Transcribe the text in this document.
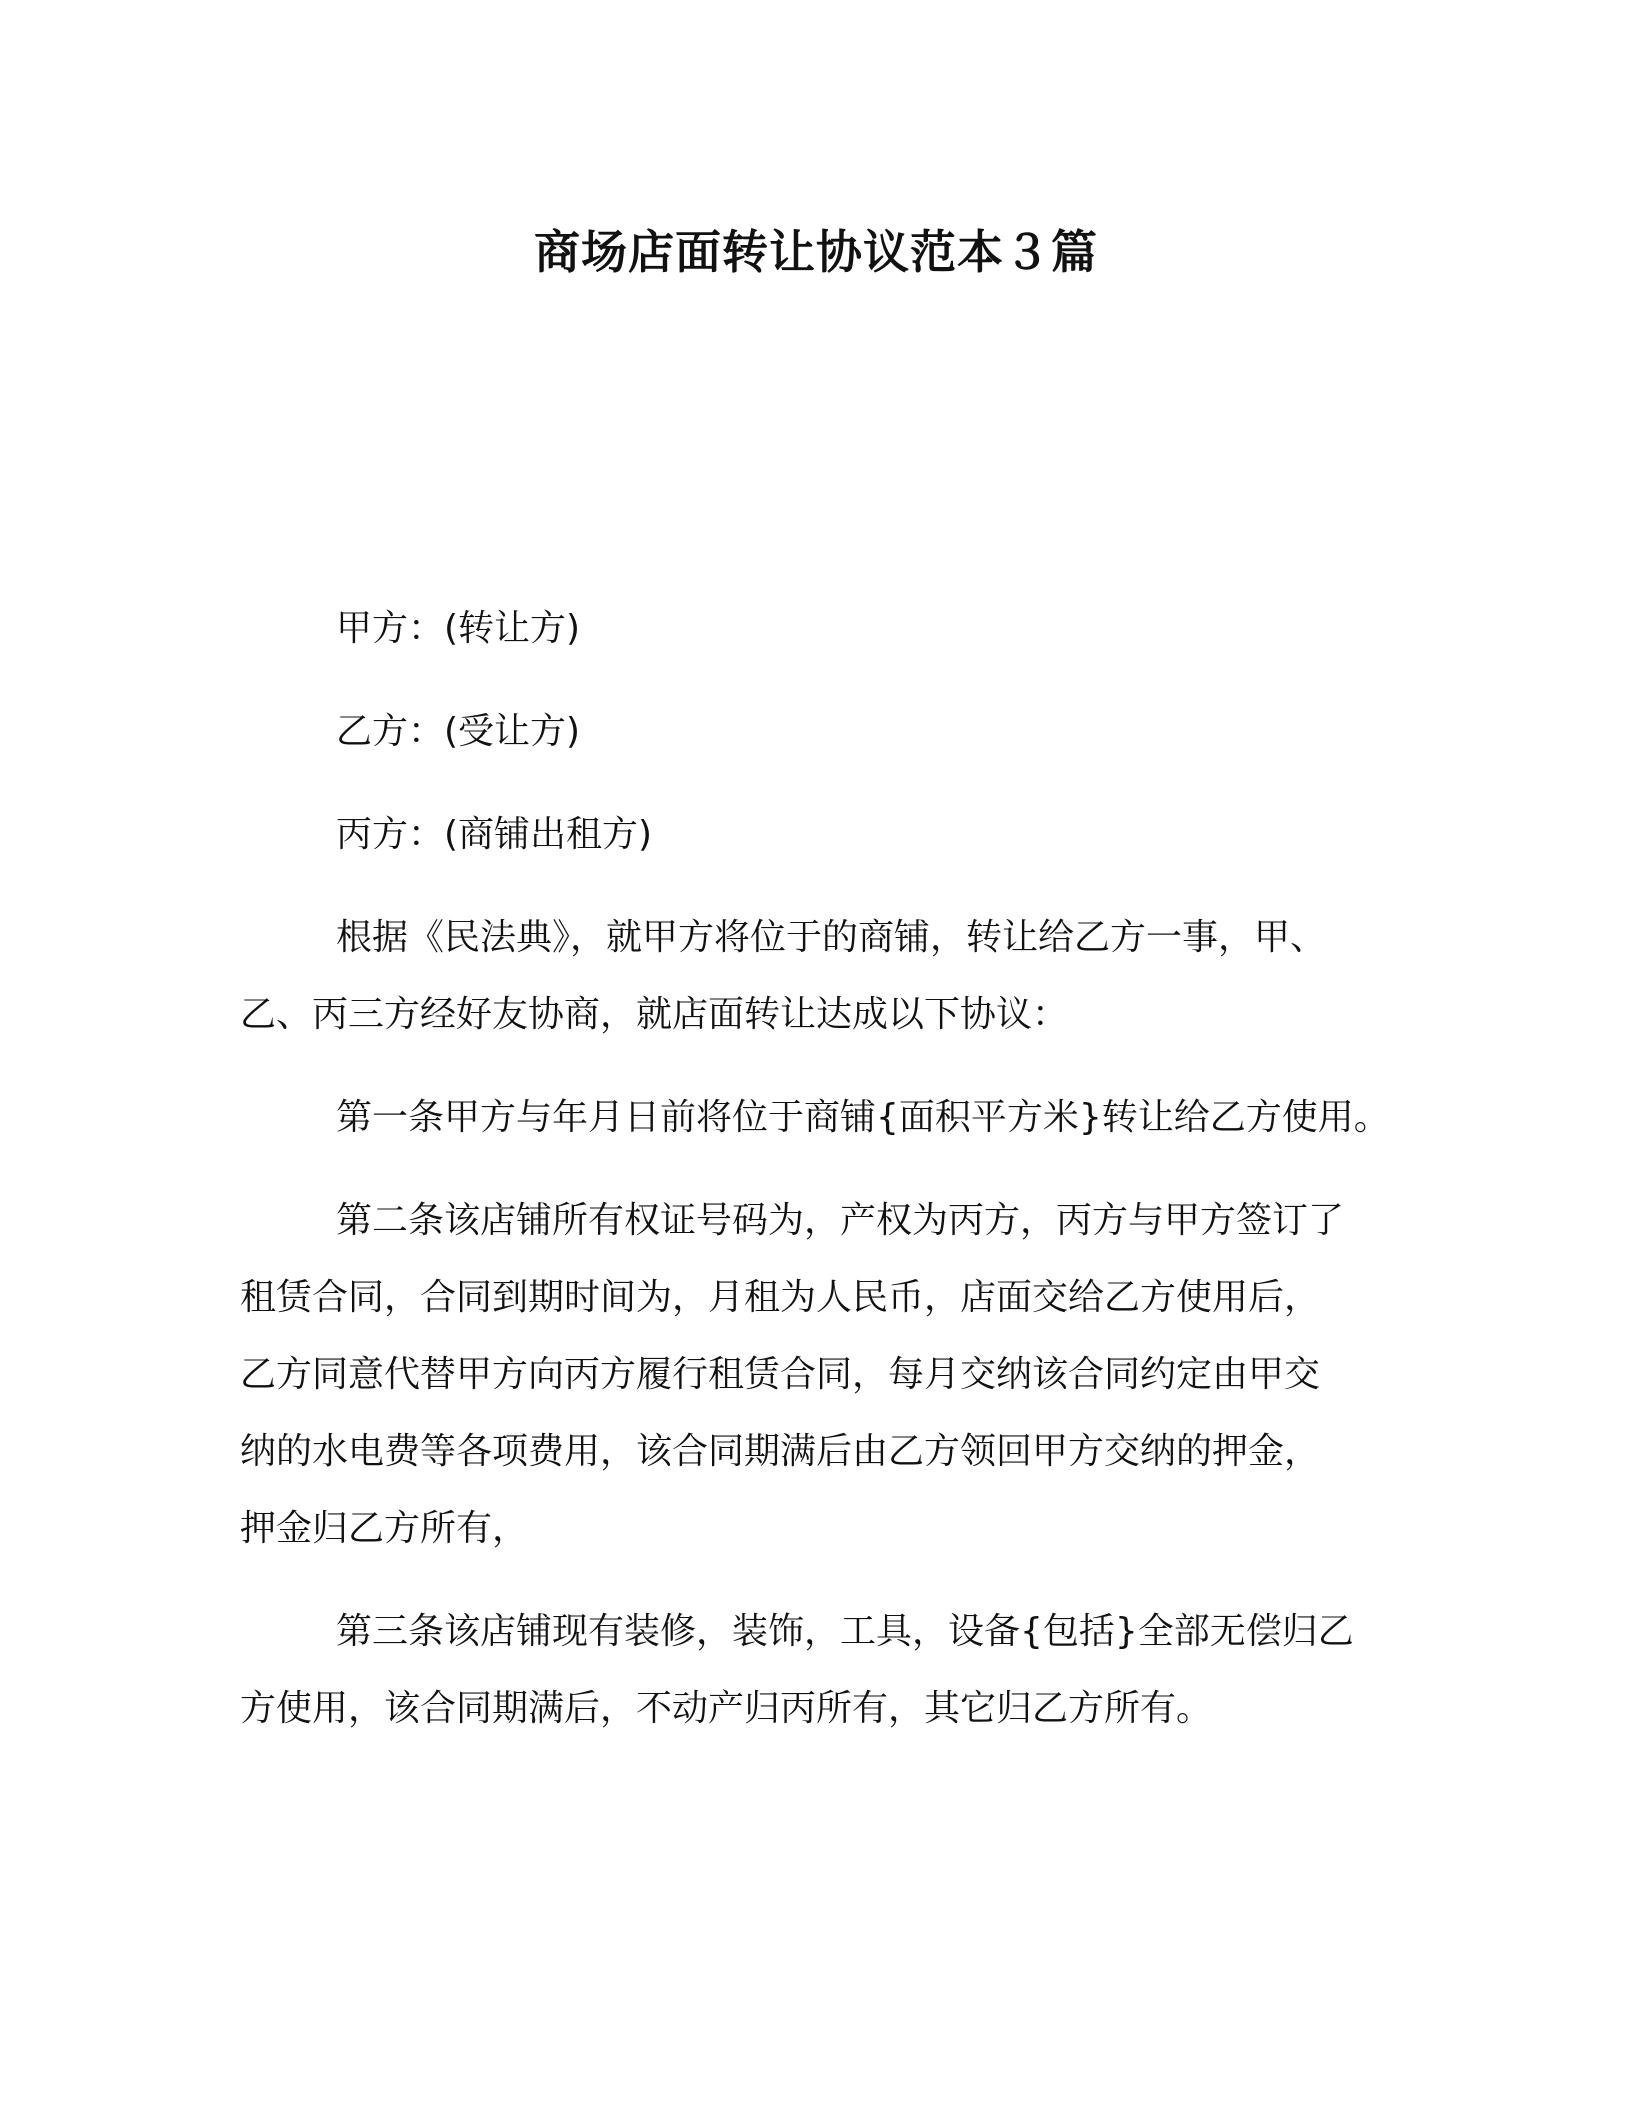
商场店面转让协议范本３篇

甲方：(转让方)

乙方：(受让方)

丙方：(商铺出租方)

根据《民法典》，就甲方将位于的商铺，转让给乙方一事，甲、
乙、丙三方经好友协商，就店面转让达成以下协议：
第一条甲方与年月日前将位于商铺{面积平方米}转让给乙方使用。
第二条该店铺所有权证号码为，产权为丙方，丙方与甲方签订了
租赁合同，合同到期时间为，月租为人民币，店面交给乙方使用后，
乙方同意代替甲方向丙方履行租赁合同，每月交纳该合同约定由甲交
纳的水电费等各项费用，该合同期满后由乙方领回甲方交纳的押金，
押金归乙方所有，
第三条该店铺现有装修，装饰，工具，设备{包括}全部无偿归乙
方使用，该合同期满后，不动产归丙所有，其它归乙方所有。
